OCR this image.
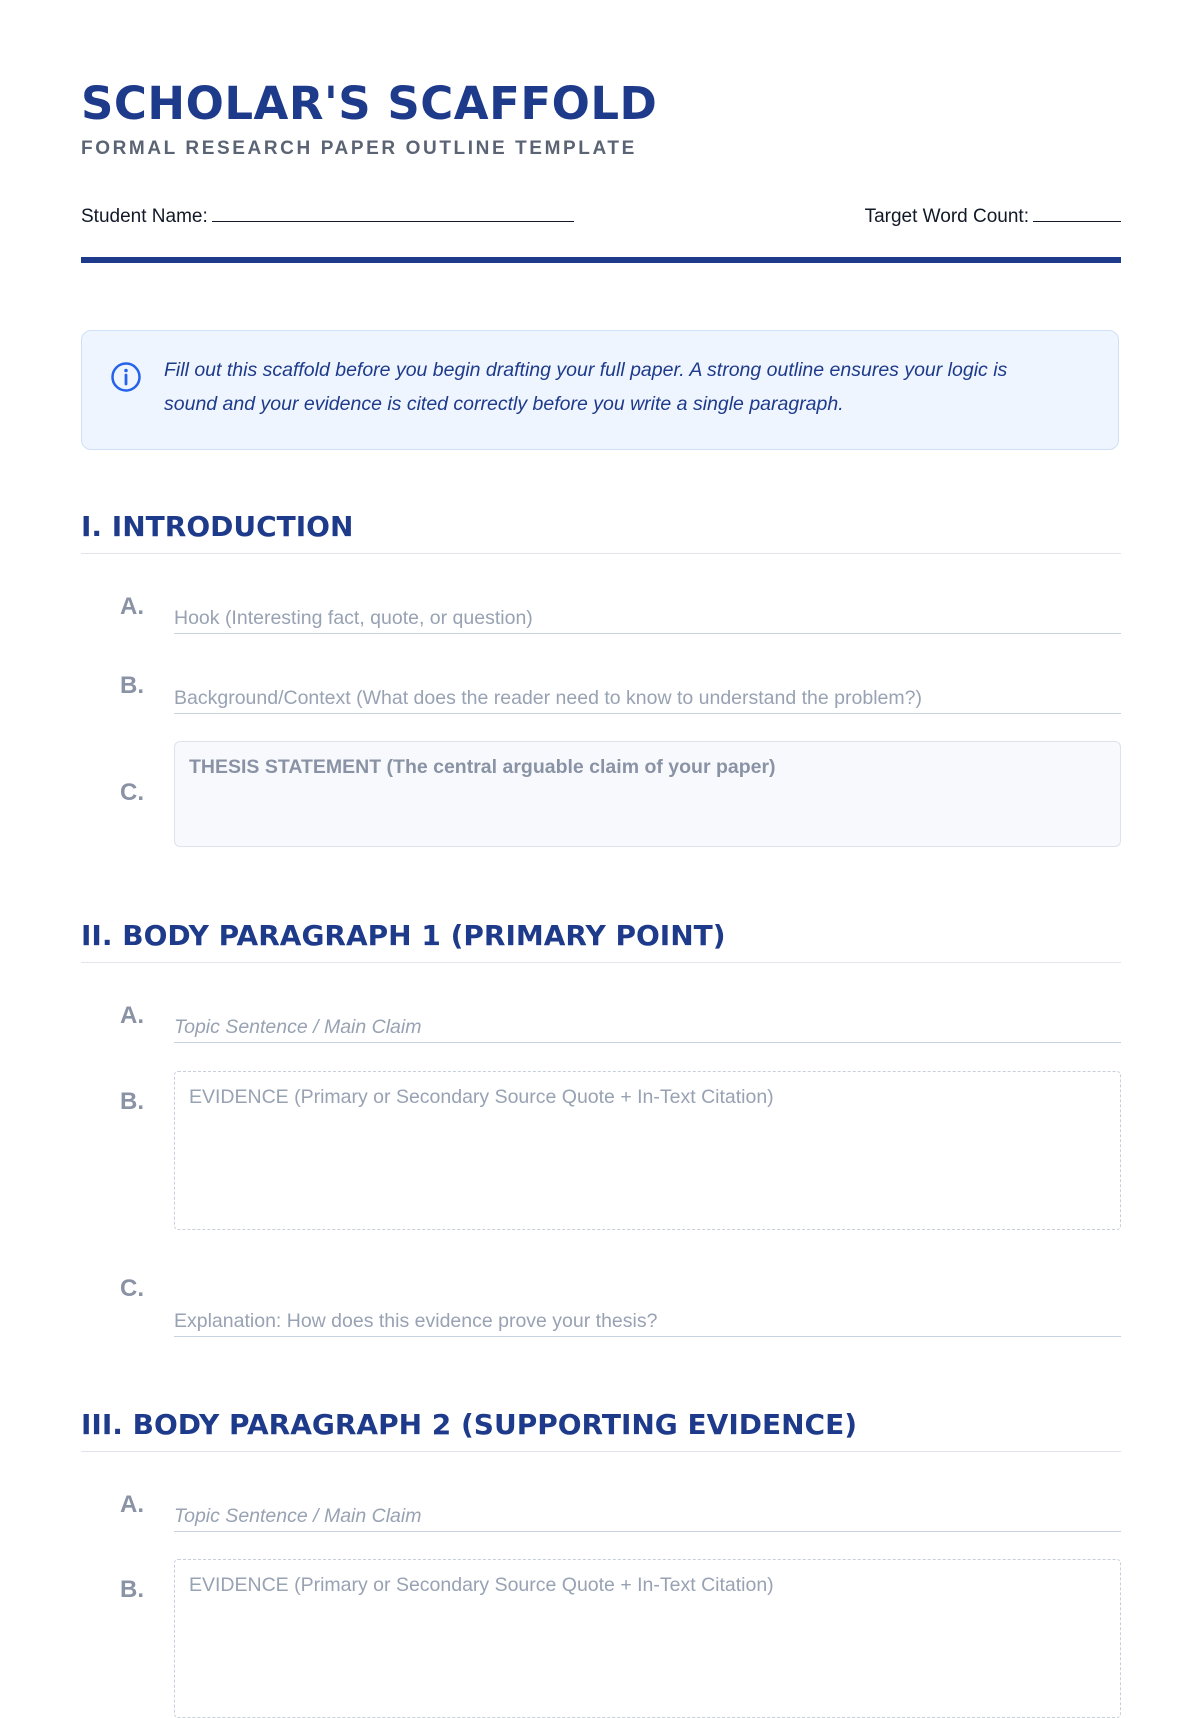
SCHOLAR'S SCAFFOLD
FORMAL RESEARCH PAPER OUTLINE TEMPLATE
Student Name:	Target Word Count:
Fill out this scaffold before you begin drafting your full paper. A strong outline ensures your logic is sound and your evidence is cited correctly before you write a single paragraph.
I. INTRODUCTION
A. Hook (Interesting fact, quote, or question)
B. Background/Context (What does the reader need to know to understand the problem?)
C.
THESIS STATEMENT (The central arguable claim of your paper)
II. BODY PARAGRAPH 1 (PRIMARY POINT)
A. Topic Sentence / Main Claim
B. EVIDENCE (Primary or Secondary Source Quote + In-Text Citation)
C.
Explanation: How does this evidence prove your thesis?
III. BODY PARAGRAPH 2 (SUPPORTING EVIDENCE)
A. Topic Sentence / Main Claim
B. EVIDENCE (Primary or Secondary Source Quote + In-Text Citation)
